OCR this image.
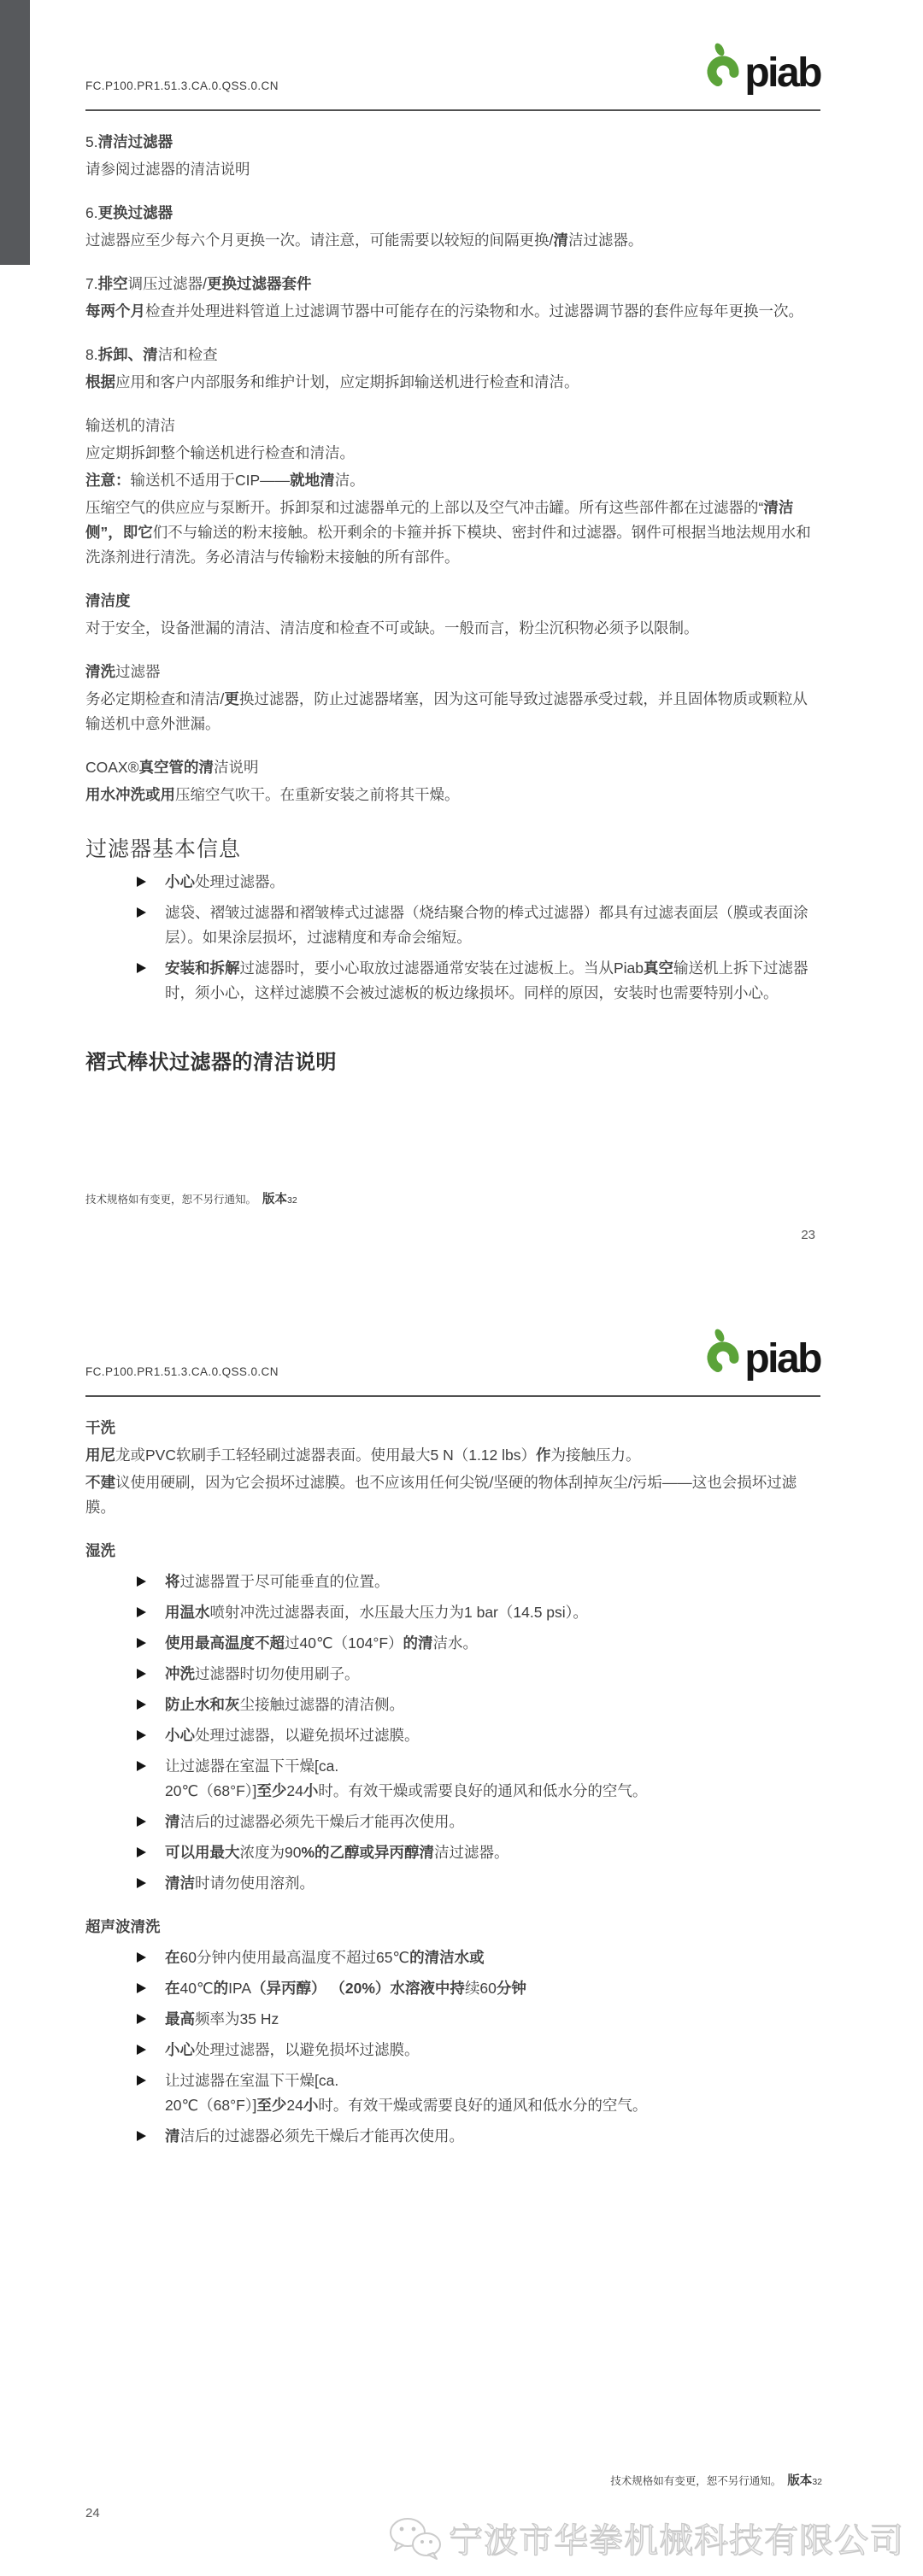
FC.P100.PR1.51.3.CA.0.QSS.0.CN	piab
5.清洁过滤器
请参阅过滤器的清洁说明
6.更换过滤器
过滤器应至少每六个月更换一次。请注意，可能需要以较短的间隔更换/清洁过滤器。
7.排空调压过滤器/更换过滤器套件
每两个月检查并处理进料管道上过滤调节器中可能存在的污染物和水。过滤器调节器的套件应每年更换一次。
8.拆卸、清洁和检查
根据应用和客户内部服务和维护计划，应定期拆卸输送机进行检查和清洁。
输送机的清洁
应定期拆卸整个输送机进行检查和清洁。
注意：输送机不适用于CIP——就地清洁。
压缩空气的供应应与泵断开。拆卸泵和过滤器单元的上部以及空气冲击罐。所有这些部件都在过滤器的“清洁侧”，即它们不与输送的粉末接触。松开剩余的卡箍并拆下模块、密封件和过滤器。钢件可根据当地法规用水和洗涤剂进行清洗。务必清洁与传输粉末接触的所有部件。
清洁度
对于安全，设备泄漏的清洁、清洁度和检查不可或缺。一般而言，粉尘沉积物必须予以限制。
清洗过滤器
务必定期检查和清洁/更换过滤器，防止过滤器堵塞，因为这可能导致过滤器承受过载，并且固体物质或颗粒从输送机中意外泄漏。
COAX®真空管的清洁说明
用水冲洗或用压缩空气吹干。在重新安装之前将其干燥。
过滤器基本信息
小心处理过滤器。
滤袋、褶皱过滤器和褶皱棒式过滤器（烧结聚合物的棒式过滤器）都具有过滤表面层（膜或表面涂层）。如果涂层损坏，过滤精度和寿命会缩短。
安装和拆解过滤器时，要小心取放过滤器通常安装在过滤板上。当从Piab真空输送机上拆下过滤器时，须小心，这样过滤膜不会被过滤板的板边缘损坏。同样的原因，安装时也需要特别小心。
褶式棒状过滤器的清洁说明
技术规格如有变更，恕不另行通知。 版本32
23
FC.P100.PR1.51.3.CA.0.QSS.0.CN	piab
干洗
用尼龙或PVC软刷手工轻轻刷过滤器表面。使用最大5 N（1.12 lbs）作为接触压力。
不建议使用硬刷，因为它会损坏过滤膜。也不应该用任何尖锐/坚硬的物体刮掉灰尘/污垢——这也会损坏过滤膜。
湿洗
将过滤器置于尽可能垂直的位置。
用温水喷射冲洗过滤器表面，水压最大压力为1 bar（14.5 psi）。
使用最高温度不超过40℃（104°F）的清洁水。
冲洗过滤器时切勿使用刷子。
防止水和灰尘接触过滤器的清洁侧。
小心处理过滤器，以避免损坏过滤膜。
让过滤器在室温下干燥[ca.
20℃（68°F）]至少24小时。有效干燥或需要良好的通风和低水分的空气。
清洁后的过滤器必须先干燥后才能再次使用。
可以用最大浓度为90%的乙醇或异丙醇清洁过滤器。
清洁时请勿使用溶剂。
超声波清洗
在60分钟内使用最高温度不超过65℃的清洁水或
在40℃的IPA（异丙醇） （20%）水溶液中持续60分钟
最高频率为35 Hz
小心处理过滤器，以避免损坏过滤膜。
让过滤器在室温下干燥[ca.
20℃（68°F）]至少24小时。有效干燥或需要良好的通风和低水分的空气。
清洁后的过滤器必须先干燥后才能再次使用。
技术规格如有变更，恕不另行通知。 版本32
24
宁波市华拳机械科技有限公司
